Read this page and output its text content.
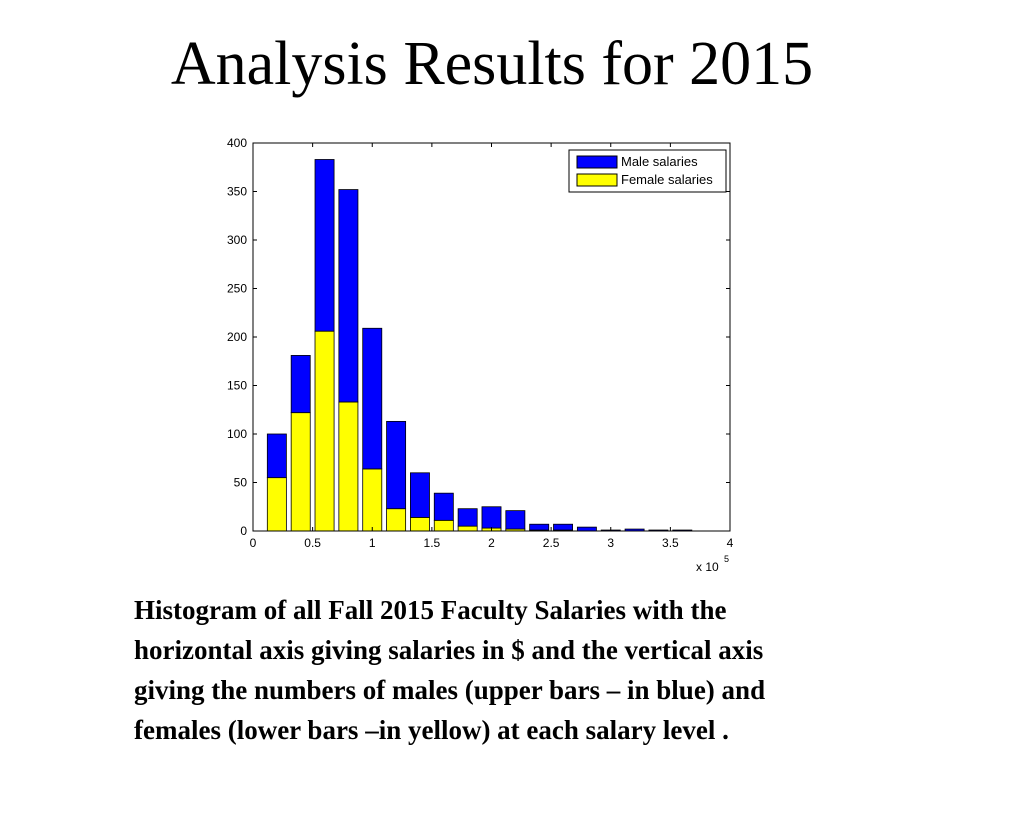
Analysis Results for 2015
0
50
100
150
200
250
300
350
400
0	0.5	1	1.5	2	2.5	3	3.5	4
x 10
5
Male salaries
Female salaries
Histogram of all Fall 2015 Faculty Salaries with the
horizontal axis giving salaries in $ and the vertical axis
giving the numbers of males (upper bars – in blue) and
females (lower bars –in yellow) at each salary level .
